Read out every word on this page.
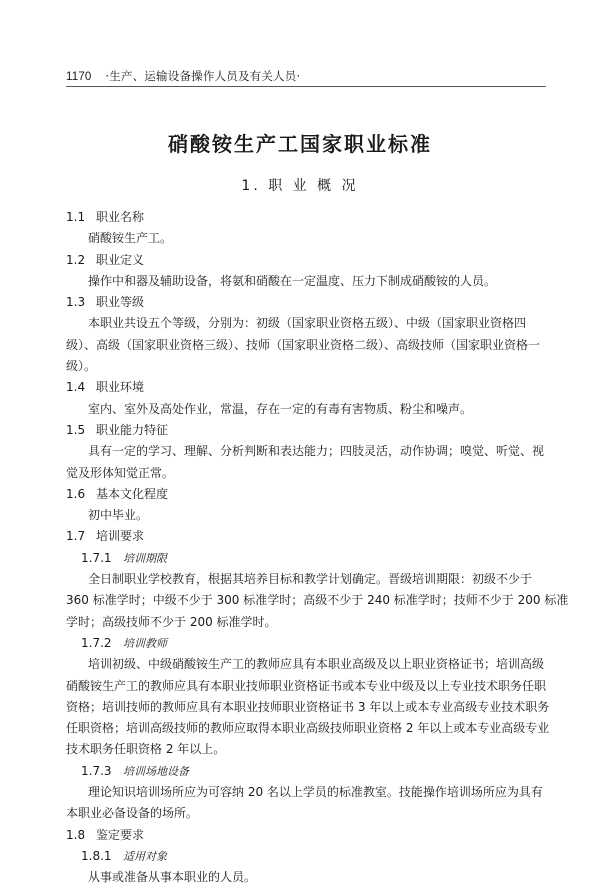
1170 ·生产、运输设备操作人员及有关人员·
硝酸铵生产工国家职业标准
1. 职 业 概 况
1.1 职业名称
硝酸铵生产工。
1.2 职业定义
操作中和器及辅助设备，将氨和硝酸在一定温度、压力下制成硝酸铵的人员。
1.3 职业等级
本职业共设五个等级，分别为：初级（国家职业资格五级）、中级（国家职业资格四
级）、高级（国家职业资格三级）、技师（国家职业资格二级）、高级技师（国家职业资格一
级）。
1.4 职业环境
室内、室外及高处作业，常温，存在一定的有毒有害物质、粉尘和噪声。
1.5 职业能力特征
具有一定的学习、理解、分析判断和表达能力；四肢灵活，动作协调；嗅觉、听觉、视
觉及形体知觉正常。
1.6 基本文化程度
初中毕业。
1.7 培训要求
1.7.1 培训期限
全日制职业学校教育，根据其培养目标和教学计划确定。晋级培训期限：初级不少于
360 标准学时；中级不少于 300 标准学时；高级不少于 240 标准学时；技师不少于 200 标准
学时；高级技师不少于 200 标准学时。
1.7.2 培训教师
培训初级、中级硝酸铵生产工的教师应具有本职业高级及以上职业资格证书；培训高级
硝酸铵生产工的教师应具有本职业技师职业资格证书或本专业中级及以上专业技术职务任职
资格；培训技师的教师应具有本职业技师职业资格证书 3 年以上或本专业高级专业技术职务
任职资格；培训高级技师的教师应取得本职业高级技师职业资格 2 年以上或本专业高级专业
技术职务任职资格 2 年以上。
1.7.3 培训场地设备
理论知识培训场所应为可容纳 20 名以上学员的标准教室。技能操作培训场所应为具有
本职业必备设备的场所。
1.8 鉴定要求
1.8.1 适用对象
从事或准备从事本职业的人员。
